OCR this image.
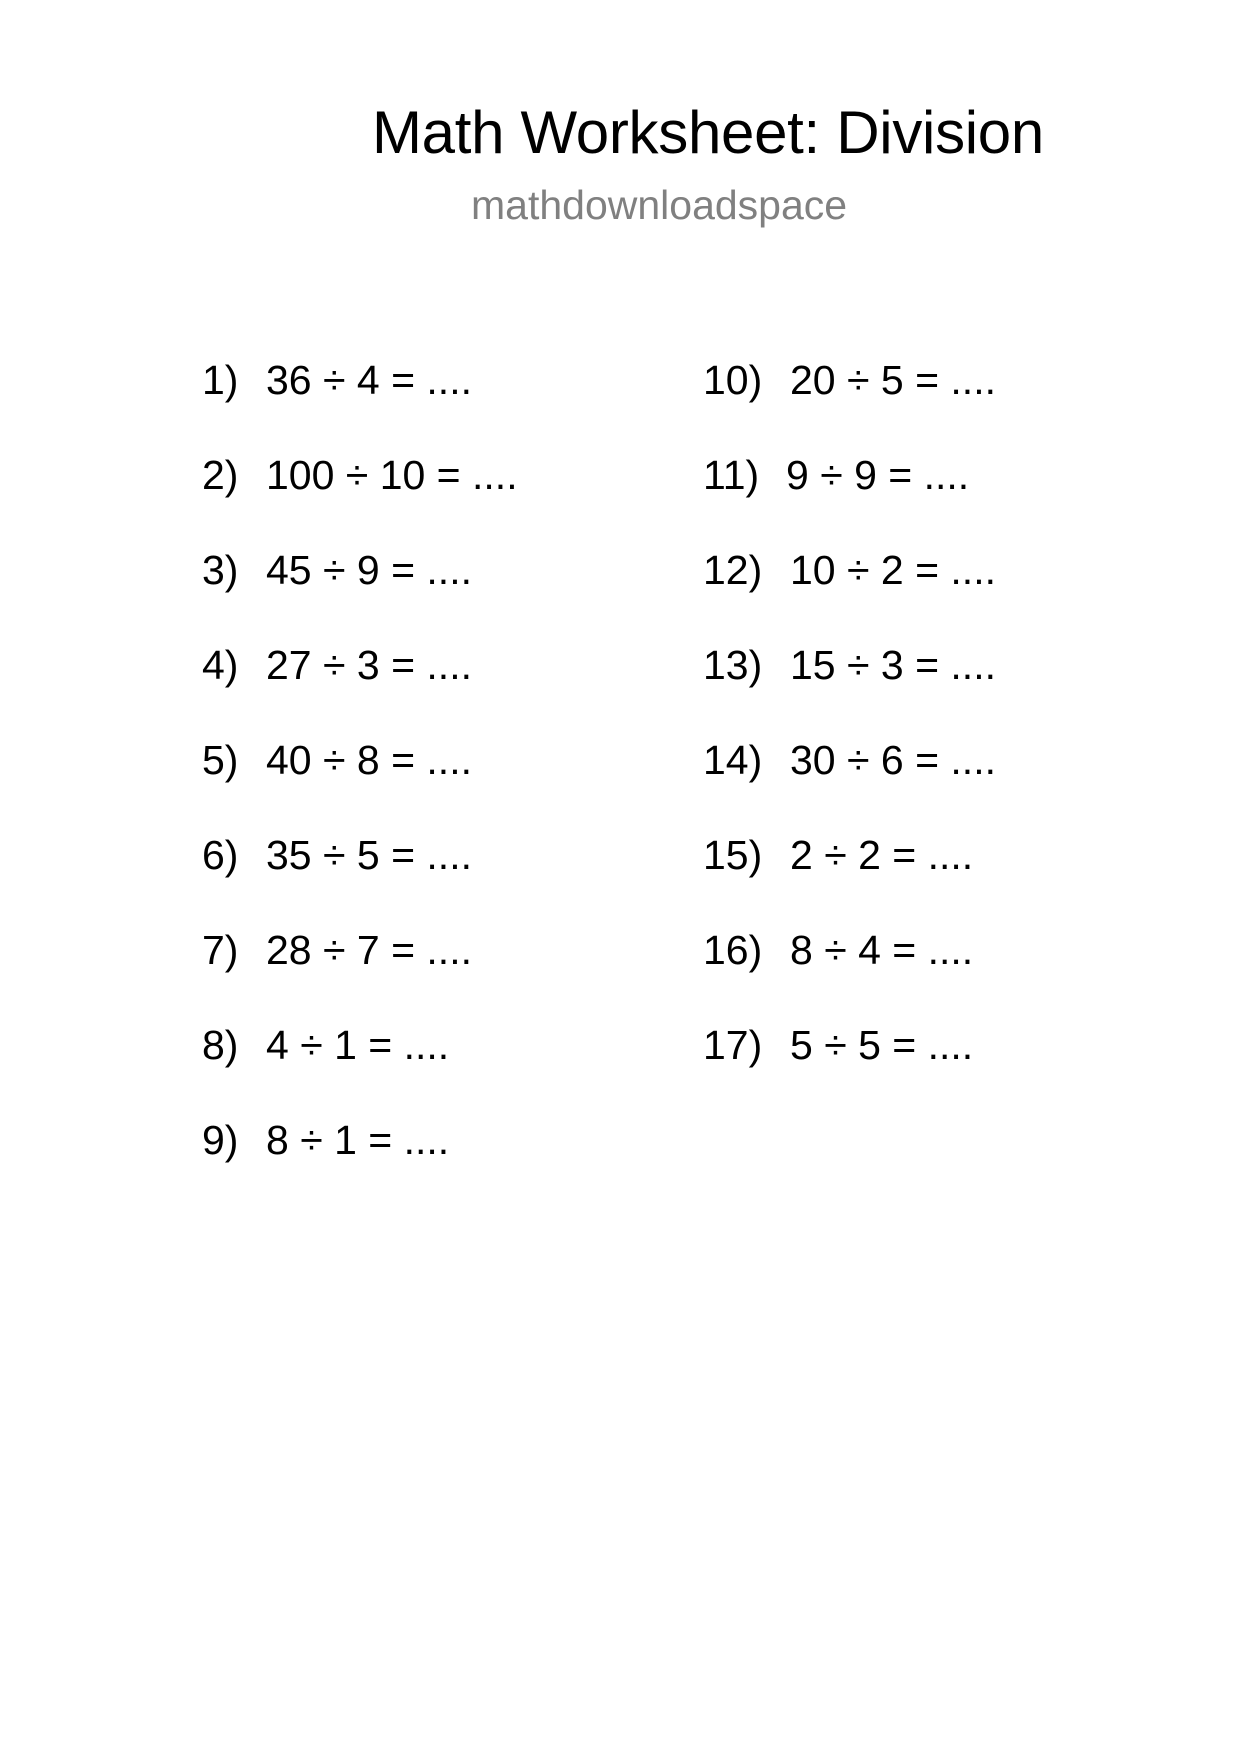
Math Worksheet: Division
mathdownloadspace
1) 36 ÷ 4 = ....
2) 100 ÷ 10 = ....
3) 45 ÷ 9 = ....
4) 27 ÷ 3 = ....
5) 40 ÷ 8 = ....
6) 35 ÷ 5 = ....
7) 28 ÷ 7 = ....
8) 4 ÷ 1 = ....
9) 8 ÷ 1 = ....
10) 20 ÷ 5 = ....
11) 9 ÷ 9 = ....
12) 10 ÷ 2 = ....
13) 15 ÷ 3 = ....
14) 30 ÷ 6 = ....
15) 2 ÷ 2 = ....
16) 8 ÷ 4 = ....
17) 5 ÷ 5 = ....
